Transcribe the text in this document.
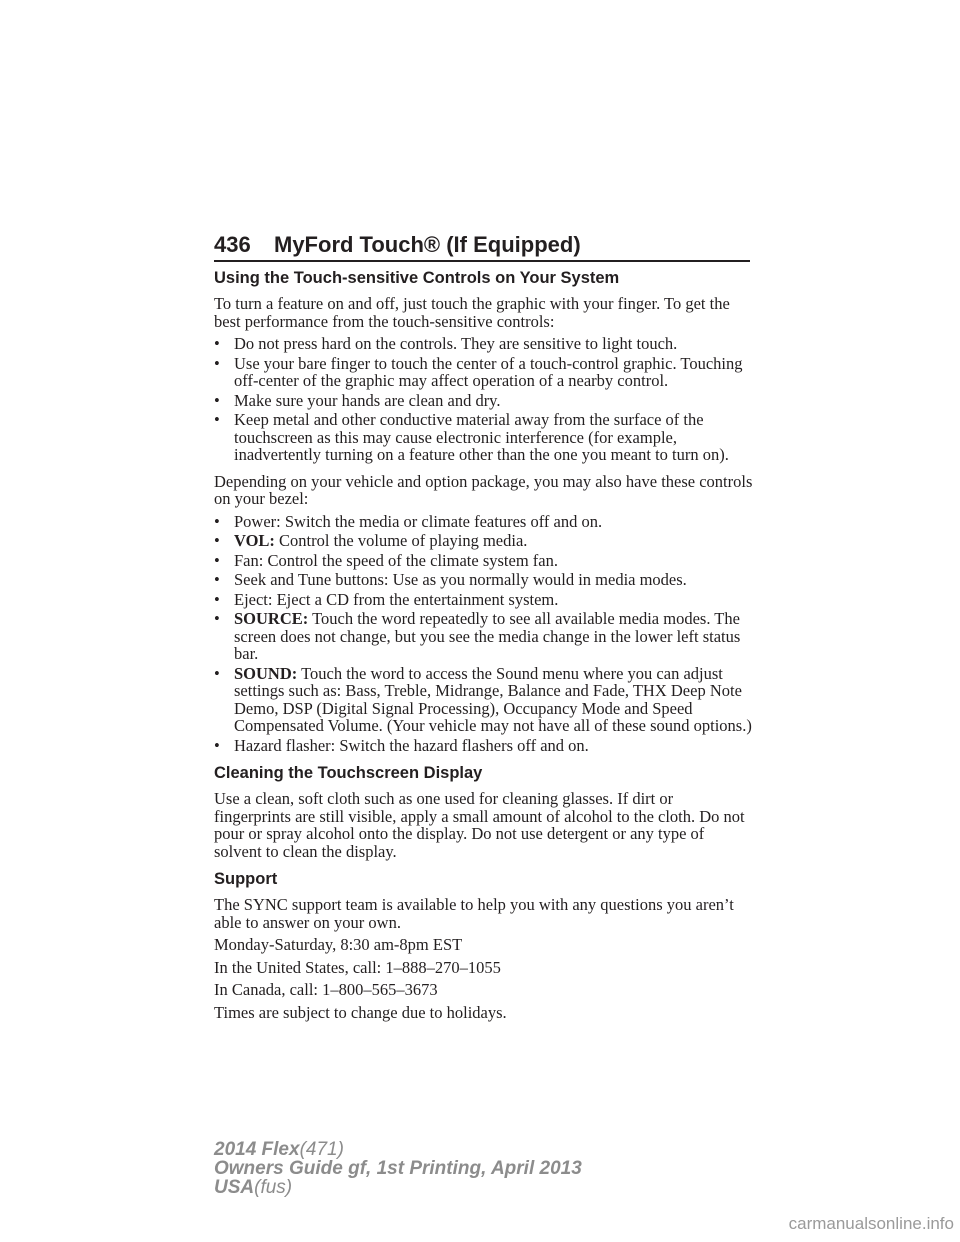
436 MyFord Touch® (If Equipped)
Using the Touch-sensitive Controls on Your System

To turn a feature on and off, just touch the graphic with your finger. To get the best performance from the touch-sensitive controls:

• Do not press hard on the controls. They are sensitive to light touch.
• Use your bare finger to touch the center of a touch-control graphic. Touching off-center of the graphic may affect operation of a nearby control.
• Make sure your hands are clean and dry.
• Keep metal and other conductive material away from the surface of the touchscreen as this may cause electronic interference (for example, inadvertently turning on a feature other than the one you meant to turn on).

Depending on your vehicle and option package, you may also have these controls on your bezel:

• Power: Switch the media or climate features off and on.
• VOL: Control the volume of playing media.
• Fan: Control the speed of the climate system fan.
• Seek and Tune buttons: Use as you normally would in media modes.
• Eject: Eject a CD from the entertainment system.
• SOURCE: Touch the word repeatedly to see all available media modes. The screen does not change, but you see the media change in the lower left status bar.
• SOUND: Touch the word to access the Sound menu where you can adjust settings such as: Bass, Treble, Midrange, Balance and Fade, THX Deep Note Demo, DSP (Digital Signal Processing), Occupancy Mode and Speed Compensated Volume. (Your vehicle may not have all of these sound options.)
• Hazard flasher: Switch the hazard flashers off and on.
Cleaning the Touchscreen Display

Use a clean, soft cloth such as one used for cleaning glasses. If dirt or fingerprints are still visible, apply a small amount of alcohol to the cloth. Do not pour or spray alcohol onto the display. Do not use detergent or any type of solvent to clean the display.

Support

The SYNC support team is available to help you with any questions you aren’t able to answer on your own.

Monday-Saturday, 8:30 am-8pm EST

In the United States, call: 1–888–270–1055

In Canada, call: 1–800–565–3673

Times are subject to change due to holidays.

2014 Flex(471)
Owners Guide gf, 1st Printing, April 2013
USA(fus)
carmanualsonline.info
